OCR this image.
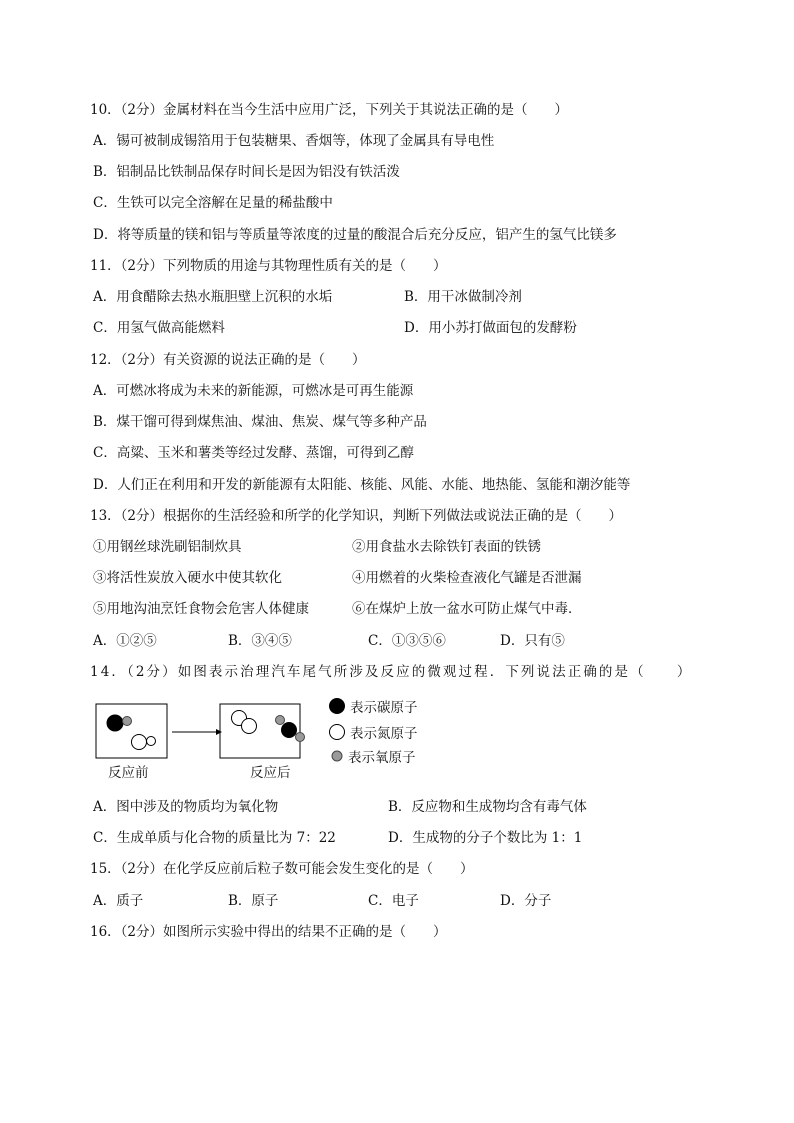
10．（2分）金属材料在当今生活中应用广泛，下列关于其说法正确的是（　　）
A．锡可被制成锡箔用于包装糖果、香烟等，体现了金属具有导电性
B．铝制品比铁制品保存时间长是因为铝没有铁活泼
C．生铁可以完全溶解在足量的稀盐酸中
D．将等质量的镁和铝与等质量等浓度的过量的酸混合后充分反应，铝产生的氢气比镁多
11．（2分）下列物质的用途与其物理性质有关的是（　　）
A．用食醋除去热水瓶胆壁上沉积的水垢	B．用干冰做制冷剂
C．用氢气做高能燃料	D．用小苏打做面包的发酵粉
12．（2分）有关资源的说法正确的是（　　）
A．可燃冰将成为未来的新能源，可燃冰是可再生能源
B．煤干馏可得到煤焦油、煤油、焦炭、煤气等多种产品
C．高粱、玉米和薯类等经过发酵、蒸馏，可得到乙醇
D．人们正在利用和开发的新能源有太阳能、核能、风能、水能、地热能、氢能和潮汐能等
13．（2分）根据你的生活经验和所学的化学知识，判断下列做法或说法正确的是（　　）
①用钢丝球洗刷铝制炊具	②用食盐水去除铁钉表面的铁锈
③将活性炭放入硬水中使其软化	④用燃着的火柴检查液化气罐是否泄漏
⑤用地沟油烹饪食物会危害人体健康	⑥在煤炉上放一盆水可防止煤气中毒．
A．①②⑤	B．③④⑤	C．①③⑤⑥	D．只有⑤
14．（2分）如图表示治理汽车尾气所涉及反应的微观过程．下列说法正确的是（　　）
反应前	反应后
表示碳原子
表示氮原子
表示氧原子
A．图中涉及的物质均为氧化物	B．反应物和生成物均含有毒气体
C．生成单质与化合物的质量比为 7：22	D．生成物的分子个数比为 1：1
15．（2分）在化学反应前后粒子数可能会发生变化的是（　　）
A．质子	B．原子	C．电子	D．分子
16．（2分）如图所示实验中得出的结果不正确的是（　　）
